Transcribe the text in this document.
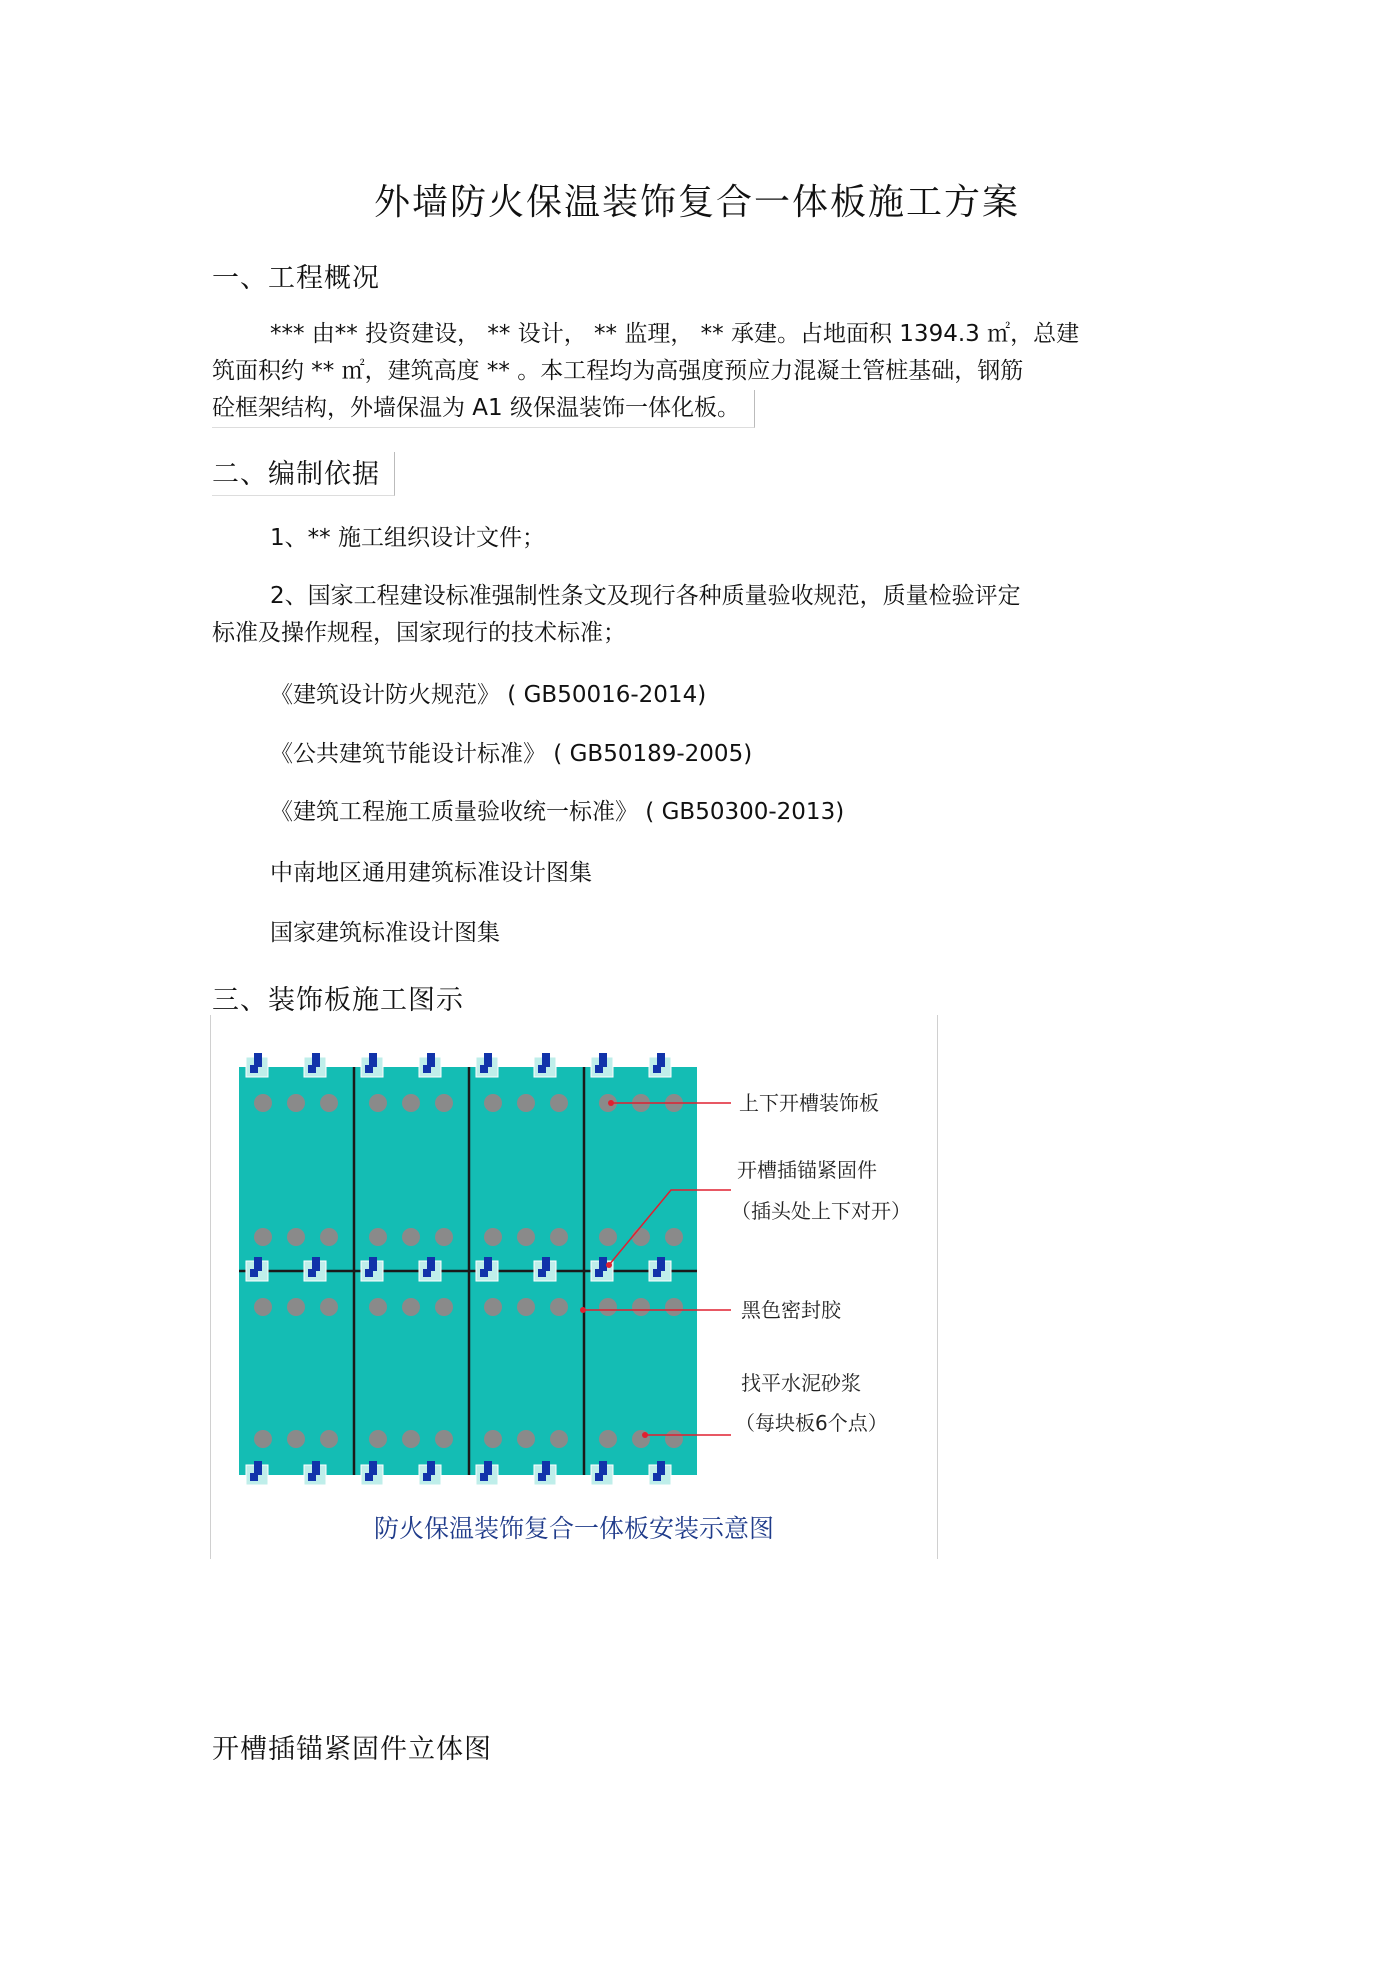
外墙防火保温装饰复合一体板施工方案
一、工程概况
*** 由** 投资建设， ** 设计， ** 监理， ** 承建。占地面积 1394.3 ㎡，总建
筑面积约 ** ㎡，建筑高度 ** 。本工程均为高强度预应力混凝土管桩基础，钢筋
砼框架结构，外墙保温为 A1 级保温装饰一体化板。
二、编制依据
1、** 施工组织设计文件；
2、国家工程建设标准强制性条文及现行各种质量验收规范，质量检验评定
标准及操作规程，国家现行的技术标准；
《建筑设计防火规范》 ( GB50016-2014)
《公共建筑节能设计标准》 ( GB50189-2005)
《建筑工程施工质量验收统一标准》 ( GB50300-2013)
中南地区通用建筑标准设计图集
国家建筑标准设计图集
三、装饰板施工图示
上下开槽装饰板
开槽插锚紧固件
（插头处上下对开）
黑色密封胶
找平水泥砂浆
（每块板6个点）
防火保温装饰复合一体板安装示意图
开槽插锚紧固件立体图
